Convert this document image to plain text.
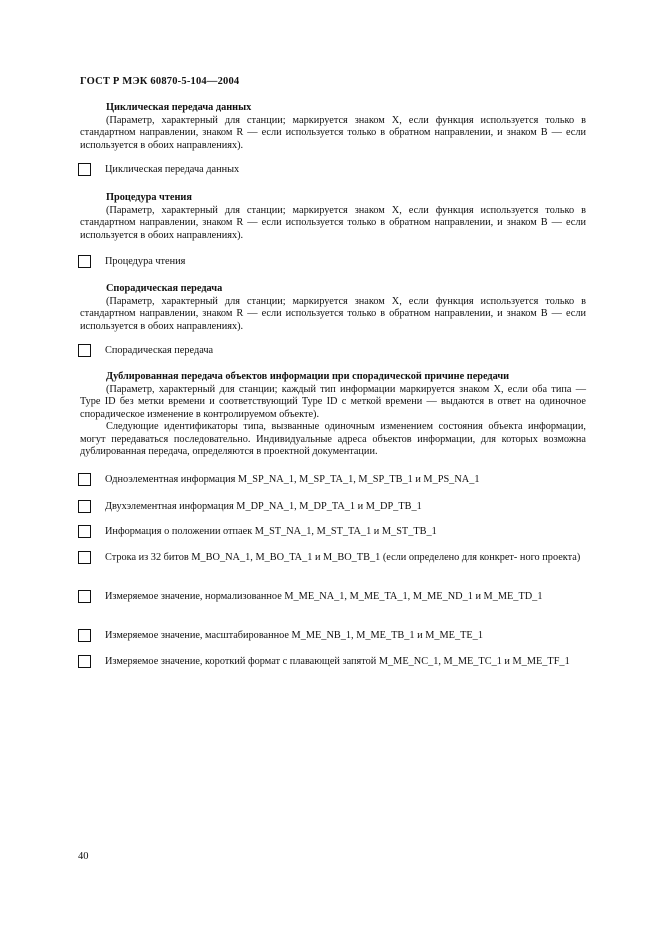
ГОСТ Р МЭК 60870-5-104—2004
Циклическая передача данных
(Параметр, характерный для станции; маркируется знаком X, если функция используется только в стандартном направлении, знаком R — если используется только в обратном направлении, и знаком B — если используется в обоих направлениях).
Циклическая передача данных
Процедура чтения
(Параметр, характерный для станции; маркируется знаком X, если функция используется только в стандартном направлении, знаком R — если используется только в обратном направлении, и знаком B — если используется в обоих направлениях).
Процедура чтения
Спорадическая передача
(Параметр, характерный для станции; маркируется знаком X, если функция используется только в стандартном направлении, знаком R — если используется только в обратном направлении, и знаком B — если используется в обоих направлениях).
Спорадическая передача
Дублированная передача объектов информации при спорадической причине передачи
(Параметр, характерный для станции; каждый тип информации маркируется знаком X, если оба типа — Type ID без метки времени и соответствующий Type ID с меткой времени — выдаются в ответ на одиночное спорадическое изменение в контролируемом объекте).
Следующие идентификаторы типа, вызванные одиночным изменением состояния объекта информации, могут передаваться последовательно. Индивидуальные адреса объектов информации, для которых возможна дублированная передача, определяются в проектной документации.
Одноэлементная информация M_SP_NA_1, M_SP_TA_1, M_SP_TB_1 и M_PS_NA_1
Двухэлементная информация M_DP_NA_1, M_DP_TA_1 и M_DP_TB_1
Информация о положении отпаек M_ST_NA_1, M_ST_TA_1 и M_ST_TB_1
Строка из 32 битов M_BO_NA_1, M_BO_TA_1 и M_BO_TB_1 (если определено для конкрет- ного проекта)
Измеряемое значение, нормализованное M_ME_NA_1, M_ME_TA_1, M_ME_ND_1 и M_ME_TD_1
Измеряемое значение, масштабированное M_ME_NB_1, M_ME_TB_1 и M_ME_TE_1
Измеряемое значение, короткий формат с плавающей запятой M_ME_NC_1, M_ME_TC_1 и M_ME_TF_1
40
